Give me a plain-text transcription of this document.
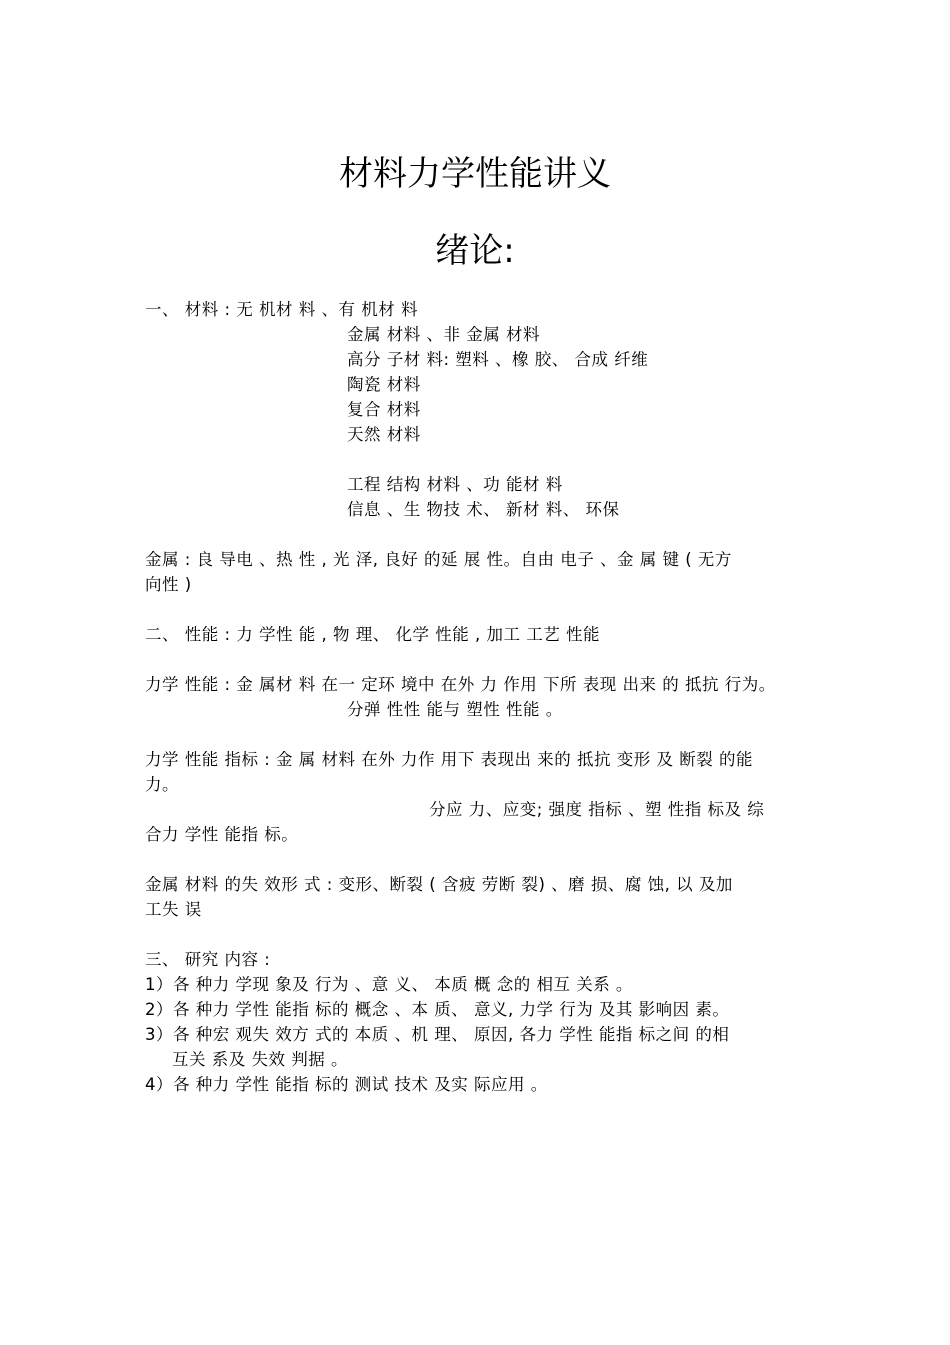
材料力学性能讲义
绪论:
一、 材料 : 无 机材 料 、有 机材 料
金属 材料 、非 金属 材料
高分 子材 料: 塑料 、橡 胶、 合成 纤维
陶瓷 材料
复合 材料
天然 材料
工程 结构 材料 、功 能材 料
信息 、生 物技 术、 新材 料、 环保
金属 : 良 导电 、热 性 , 光 泽, 良好 的延 展 性。自由 电子 、金 属 键 ( 无方
向性 )
二、 性能 : 力 学性 能 , 物 理、 化学 性能 , 加工 工艺 性能
力学 性能 : 金 属材 料 在一 定环 境中 在外 力 作用 下所 表现 出来 的 抵抗 行为。
分弹 性性 能与 塑性 性能 。
力学 性能 指标 : 金 属 材料 在外 力作 用下 表现出 来的 抵抗 变形 及 断裂 的能
力。
分应 力、应变; 强度 指标 、塑 性指 标及 综
合力 学性 能指 标。
金属 材料 的失 效形 式 : 变形、断裂 ( 含疲 劳断 裂) 、磨 损、腐 蚀, 以 及加
工失 误
三、 研究 内容 :
1）各 种力 学现 象及 行为 、意 义、 本质 概 念的 相互 关系 。
2）各 种力 学性 能指 标的 概念 、本 质、 意义, 力学 行为 及其 影响因 素。
3）各 种宏 观失 效方 式的 本质 、机 理、 原因, 各力 学性 能指 标之间 的相
互关 系及 失效 判据 。
4）各 种力 学性 能指 标的 测试 技术 及实 际应用 。
